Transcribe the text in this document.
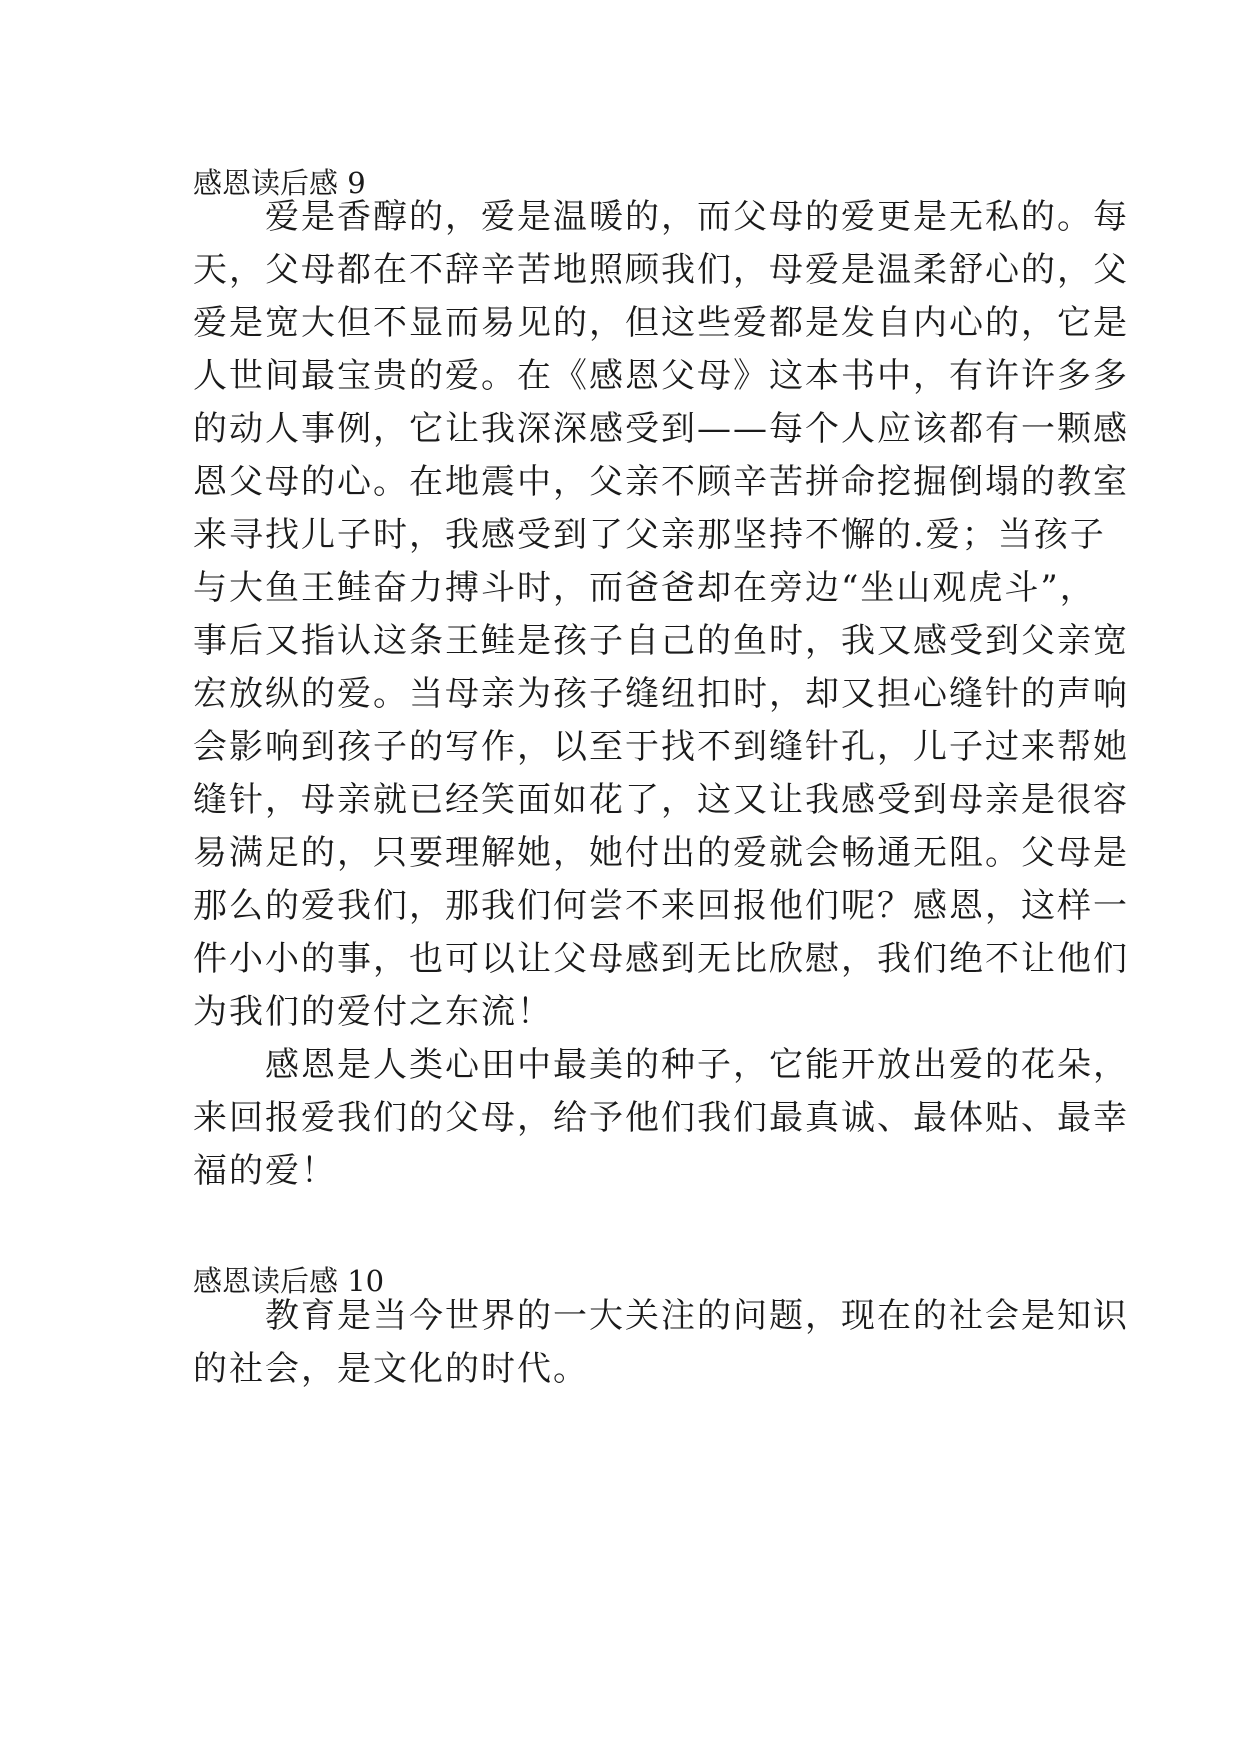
感恩读后感 9
　　爱是香醇的，爱是温暖的，而父母的爱更是无私的。每
天，父母都在不辞辛苦地照顾我们，母爱是温柔舒心的，父
爱是宽大但不显而易见的，但这些爱都是发自内心的，它是
人世间最宝贵的爱。在《感恩父母》这本书中，有许许多多
的动人事例，它让我深深感受到——每个人应该都有一颗感
恩父母的心。在地震中，父亲不顾辛苦拼命挖掘倒塌的教室
来寻找儿子时，我感受到了父亲那坚持不懈的.爱；当孩子
与大鱼王鲑奋力搏斗时，而爸爸却在旁边“坐山观虎斗”，
事后又指认这条王鲑是孩子自己的鱼时，我又感受到父亲宽
宏放纵的爱。当母亲为孩子缝纽扣时，却又担心缝针的声响
会影响到孩子的写作，以至于找不到缝针孔，儿子过来帮她
缝针，母亲就已经笑面如花了，这又让我感受到母亲是很容
易满足的，只要理解她，她付出的爱就会畅通无阻。父母是
那么的爱我们，那我们何尝不来回报他们呢？感恩，这样一
件小小的事，也可以让父母感到无比欣慰，我们绝不让他们
为我们的爱付之东流！
　　感恩是人类心田中最美的种子，它能开放出爱的花朵，
来回报爱我们的父母，给予他们我们最真诚、最体贴、最幸
福的爱！
感恩读后感 10
　　教育是当今世界的一大关注的问题，现在的社会是知识
的社会，是文化的时代。
